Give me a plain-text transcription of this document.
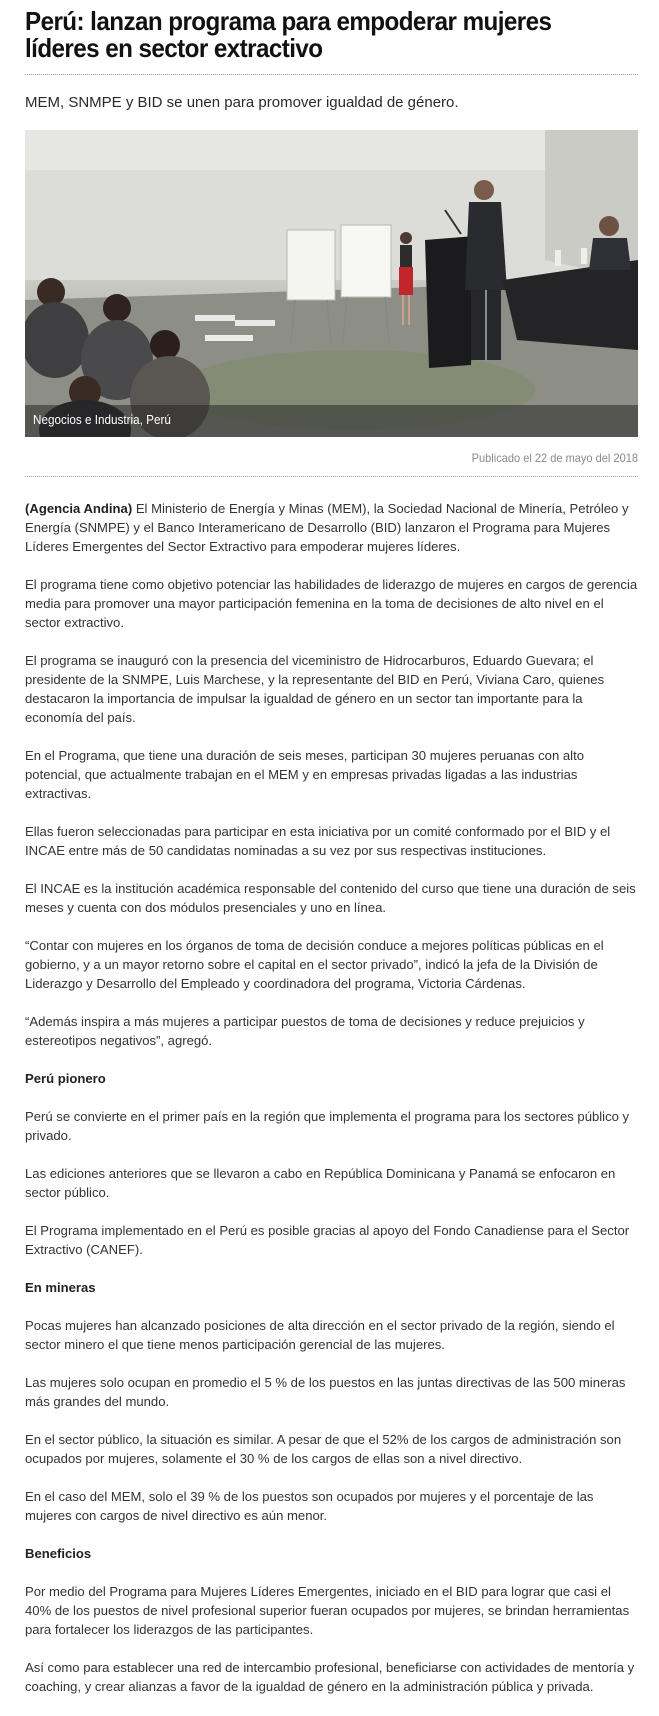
Perú: lanzan programa para empoderar mujeres líderes en sector extractivo

MEM, SNMPE y BID se unen para promover igualdad de género.

Negocios e Industria, Perú
Publicado el 22 de mayo del 2018

(Agencia Andina) El Ministerio de Energía y Minas (MEM), la Sociedad Nacional de Minería, Petróleo y Energía (SNMPE) y el Banco Interamericano de Desarrollo (BID) lanzaron el Programa para Mujeres Líderes Emergentes del Sector Extractivo para empoderar mujeres líderes.

El programa tiene como objetivo potenciar las habilidades de liderazgo de mujeres en cargos de gerencia media para promover una mayor participación femenina en la toma de decisiones de alto nivel en el sector extractivo.

El programa se inauguró con la presencia del viceministro de Hidrocarburos, Eduardo Guevara; el presidente de la SNMPE, Luis Marchese, y la representante del BID en Perú, Viviana Caro, quienes destacaron la importancia de impulsar la igualdad de género en un sector tan importante para la economía del país.

En el Programa, que tiene una duración de seis meses, participan 30 mujeres peruanas con alto potencial, que actualmente trabajan en el MEM y en empresas privadas ligadas a las industrias extractivas.

Ellas fueron seleccionadas para participar en esta iniciativa por un comité conformado por el BID y el INCAE entre más de 50 candidatas nominadas a su vez por sus respectivas instituciones.

El INCAE es la institución académica responsable del contenido del curso que tiene una duración de seis meses y cuenta con dos módulos presenciales y uno en línea.

“Contar con mujeres en los órganos de toma de decisión conduce a mejores políticas públicas en el gobierno, y a un mayor retorno sobre el capital en el sector privado”, indicó la jefa de la División de Liderazgo y Desarrollo del Empleado y coordinadora del programa, Victoria Cárdenas.

“Además inspira a más mujeres a participar puestos de toma de decisiones y reduce prejuicios y estereotipos negativos”, agregó.

Perú pionero

Perú se convierte en el primer país en la región que implementa el programa para los sectores público y privado.

Las ediciones anteriores que se llevaron a cabo en República Dominicana y Panamá se enfocaron en sector público.

El Programa implementado en el Perú es posible gracias al apoyo del Fondo Canadiense para el Sector Extractivo (CANEF).

En mineras

Pocas mujeres han alcanzado posiciones de alta dirección en el sector privado de la región, siendo el sector minero el que tiene menos participación gerencial de las mujeres.

Las mujeres solo ocupan en promedio el 5 % de los puestos en las juntas directivas de las 500 mineras más grandes del mundo.

En el sector público, la situación es similar. A pesar de que el 52% de los cargos de administración son ocupados por mujeres, solamente el 30 % de los cargos de ellas son a nivel directivo.

En el caso del MEM, solo el 39 % de los puestos son ocupados por mujeres y el porcentaje de las mujeres con cargos de nivel directivo es aún menor.

Beneficios

Por medio del Programa para Mujeres Líderes Emergentes, iniciado en el BID para lograr que casi el 40% de los puestos de nivel profesional superior fueran ocupados por mujeres, se brindan herramientas para fortalecer los liderazgos de las participantes.

Así como para establecer una red de intercambio profesional, beneficiarse con actividades de mentoría y coaching, y crear alianzas a favor de la igualdad de género en la administración pública y privada.
